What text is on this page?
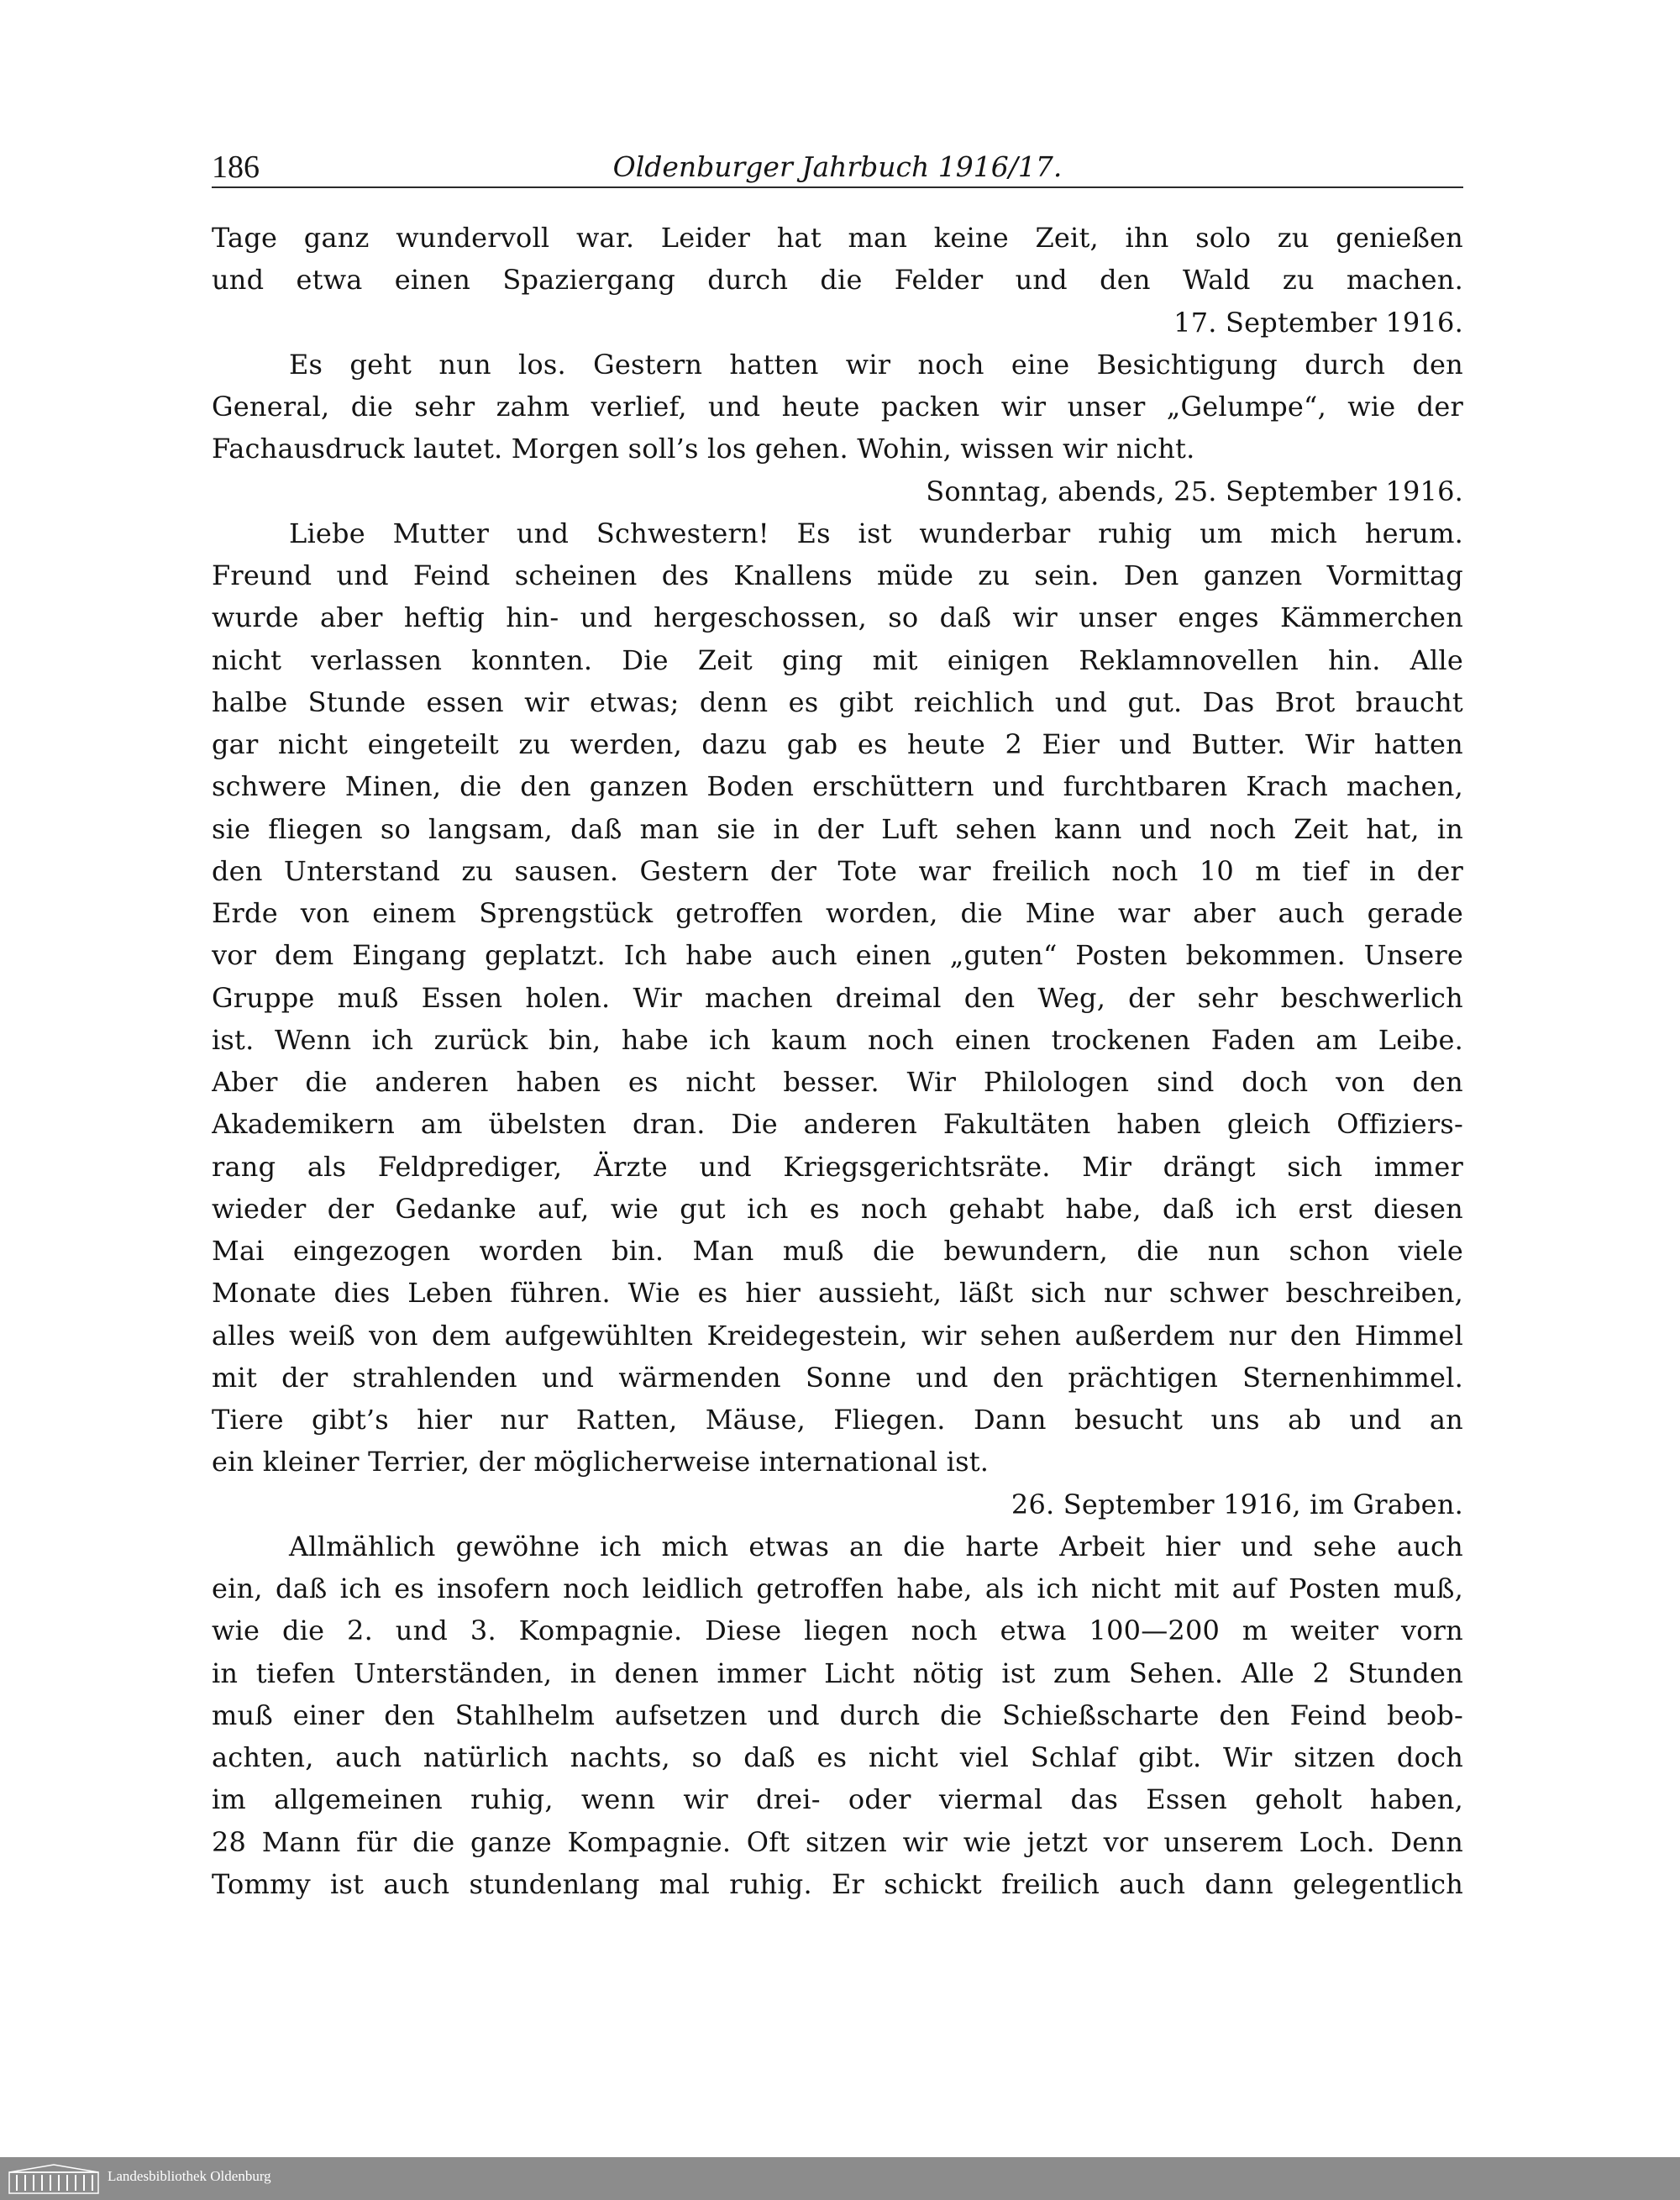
186	Oldenburger Jahrbuch 1916/17.
Tage ganz wundervoll war. Leider hat man keine Zeit, ihn solo zu genießen
und etwa einen Spaziergang durch die Felder und den Wald zu machen.
17. September 1916.
Es geht nun los. Gestern hatten wir noch eine Besichtigung durch den
General, die sehr zahm verlief, und heute packen wir unser „Gelumpe“, wie der
Fachausdruck lautet. Morgen soll’s los gehen. Wohin, wissen wir nicht.
Sonntag, abends, 25. September 1916.
Liebe Mutter und Schwestern! Es ist wunderbar ruhig um mich herum.
Freund und Feind scheinen des Knallens müde zu sein. Den ganzen Vormittag
wurde aber heftig hin- und hergeschossen, so daß wir unser enges Kämmerchen
nicht verlassen konnten. Die Zeit ging mit einigen Reklamnovellen hin. Alle
halbe Stunde essen wir etwas; denn es gibt reichlich und gut. Das Brot braucht
gar nicht eingeteilt zu werden, dazu gab es heute 2 Eier und Butter. Wir hatten
schwere Minen, die den ganzen Boden erschüttern und furchtbaren Krach machen,
sie fliegen so langsam, daß man sie in der Luft sehen kann und noch Zeit hat, in
den Unterstand zu sausen. Gestern der Tote war freilich noch 10 m tief in der
Erde von einem Sprengstück getroffen worden, die Mine war aber auch gerade
vor dem Eingang geplatzt. Ich habe auch einen „guten“ Posten bekommen. Unsere
Gruppe muß Essen holen. Wir machen dreimal den Weg, der sehr beschwerlich
ist. Wenn ich zurück bin, habe ich kaum noch einen trockenen Faden am Leibe.
Aber die anderen haben es nicht besser. Wir Philologen sind doch von den
Akademikern am übelsten dran. Die anderen Fakultäten haben gleich Offiziers-
rang als Feldprediger, Ärzte und Kriegsgerichtsräte. Mir drängt sich immer
wieder der Gedanke auf, wie gut ich es noch gehabt habe, daß ich erst diesen
Mai eingezogen worden bin. Man muß die bewundern, die nun schon viele
Monate dies Leben führen. Wie es hier aussieht, läßt sich nur schwer beschreiben,
alles weiß von dem aufgewühlten Kreidegestein, wir sehen außerdem nur den Himmel
mit der strahlenden und wärmenden Sonne und den prächtigen Sternenhimmel.
Tiere gibt’s hier nur Ratten, Mäuse, Fliegen. Dann besucht uns ab und an
ein kleiner Terrier, der möglicherweise international ist.
26. September 1916, im Graben.
Allmählich gewöhne ich mich etwas an die harte Arbeit hier und sehe auch
ein, daß ich es insofern noch leidlich getroffen habe, als ich nicht mit auf Posten muß,
wie die 2. und 3. Kompagnie. Diese liegen noch etwa 100—200 m weiter vorn
in tiefen Unterständen, in denen immer Licht nötig ist zum Sehen. Alle 2 Stunden
muß einer den Stahlhelm aufsetzen und durch die Schießscharte den Feind beob-
achten, auch natürlich nachts, so daß es nicht viel Schlaf gibt. Wir sitzen doch
im allgemeinen ruhig, wenn wir drei- oder viermal das Essen geholt haben,
28 Mann für die ganze Kompagnie. Oft sitzen wir wie jetzt vor unserem Loch. Denn
Tommy ist auch stundenlang mal ruhig. Er schickt freilich auch dann gelegentlich
Landesbibliothek Oldenburg
